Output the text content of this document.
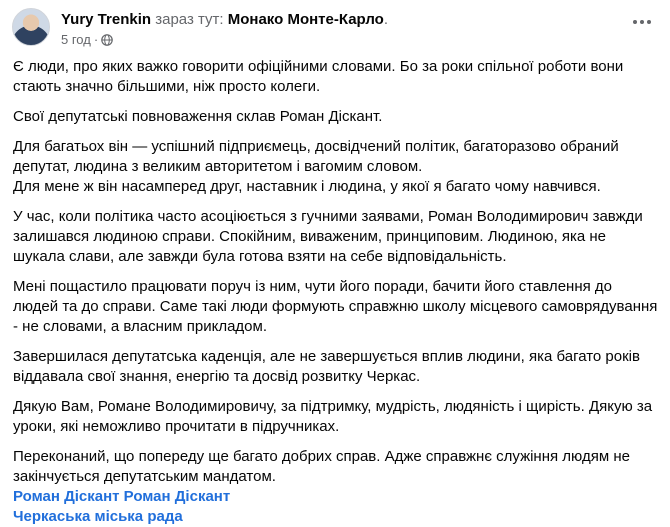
Yury Trenkin зараз тут: Монако Монте-Карло.
5 год ·

Є люди, про яких важко говорити офіційними словами. Бо за роки спільної роботи вони стають значно більшими, ніж просто колеги.

Свої депутатські повноваження склав Роман Діскант.

Для багатьох він — успішний підприємець, досвідчений політик, багаторазово обраний депутат, людина з великим авторитетом і вагомим словом.
Для мене ж він насамперед друг, наставник і людина, у якої я багато чому навчився.

У час, коли політика часто асоціюється з гучними заявами, Роман Володимирович завжди залишався людиною справи. Спокійним, виваженим, принциповим. Людиною, яка не шукала слави, але завжди була готова взяти на себе відповідальність.

Мені пощастило працювати поруч із ним, чути його поради, бачити його ставлення до людей та до справи. Саме такі люди формують справжню школу місцевого самоврядування - не словами, а власним прикладом.

Завершилася депутатська каденція, але не завершується вплив людини, яка багато років віддавала свої знання, енергію та досвід розвитку Черкас.

Дякую Вам, Романе Володимировичу, за підтримку, мудрість, людяність і щирість. Дякую за уроки, які неможливо прочитати в підручниках.

Переконаний, що попереду ще багато добрих справ. Адже справжнє служіння людям не закінчується депутатським мандатом.

Роман Діскант Роман Діскант
Черкаська міська рада
